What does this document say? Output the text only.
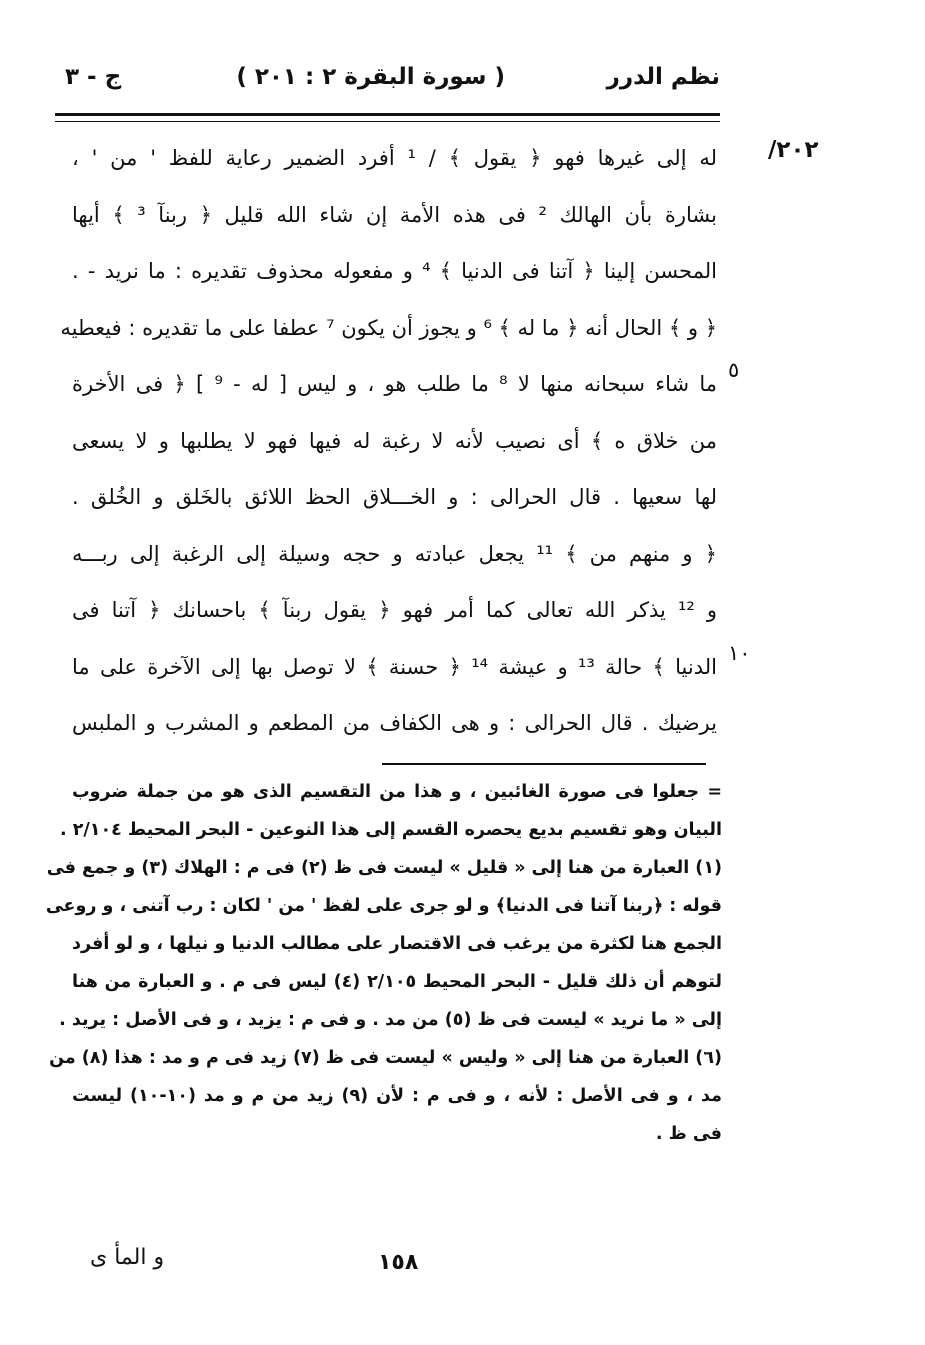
نظم الدرر
( سورة البقرة ٢ : ٢٠١ )
ج - ٣
٢٠٢/
له إلى غيرها فهو ﴿ يقول ﴾ / ¹ أفرد الضمير رعاية للفظ ' من ' ،
بشارة بأن الهالك ² فى هذه الأمة إن شاء الله قليل ﴿ ربنآ ³ ﴾ أيها
المحسن إلينا ﴿ آتنا فى الدنيا ﴾ ⁴ و مفعوله محذوف تقديره : ما نريد - .
﴿ و ﴾ الحال أنه ﴿ ما له ﴾ ⁶ و يجوز أن يكون ⁷ عطفا على ما تقديره : فيعطيه
ما شاء سبحانه منها لا ⁸ ما طلب هو ، و ليس [ له - ⁹ ] ﴿ فى الأخرة
من خلاق ه ﴾ أى نصيب لأنه لا رغبة له فيها فهو لا يطلبها و لا يسعى
لها سعيها . قال الحرالى : و الخـــلاق الحظ اللائق بالخَلق و الخُلق .
﴿ و منهم من ﴾ ¹¹ يجعل عبادته و حجه وسيلة إلى الرغبة إلى ربـــه
و ¹² يذكر الله تعالى كما أمر فهو ﴿ يقول ربنآ ﴾ باحسانك ﴿ آتنا فى
الدنيا ﴾ حالة ¹³ و عيشة ¹⁴ ﴿ حسنة ﴾ لا توصل بها إلى الآخرة على ما
يرضيك . قال الحرالى : و هى الكفاف من المطعم و المشرب و الملبس
٥
١٠
= جعلوا فى صورة الغائبين ، و هذا من التقسيم الذى هو من جملة ضروب
البيان وهو تقسيم بديع يحصره القسم إلى هذا النوعين - البحر المحيط ٢/١٠٤ .
(١) العبارة من هنا إلى « قليل » ليست فى ظ (٢) فى م : الهلاك (٣) و جمع فى
قوله : ﴿ربنا آتنا فى الدنيا﴾ و لو جرى على لفظ ' من ' لكان : رب آتنى ، و روعى
الجمع هنا لكثرة من يرغب فى الاقتصار على مطالب الدنيا و نيلها ، و لو أفرد
لتوهم أن ذلك قليل - البحر المحيط ٢/١٠٥ (٤) ليس فى م . و العبارة من هنا
إلى « ما نريد » ليست فى ظ (٥) من مد . و فى م : يزيد ، و فى الأصل : يريد .
(٦) العبارة من هنا إلى « وليس » ليست فى ظ (٧) زيد فى م و مد : هذا (٨) من
مد ، و فى الأصل : لأنه ، و فى م : لأن (٩) زيد من م و مد (١٠-١٠) ليست
فى ظ .
و المأ ى	١٥٨
